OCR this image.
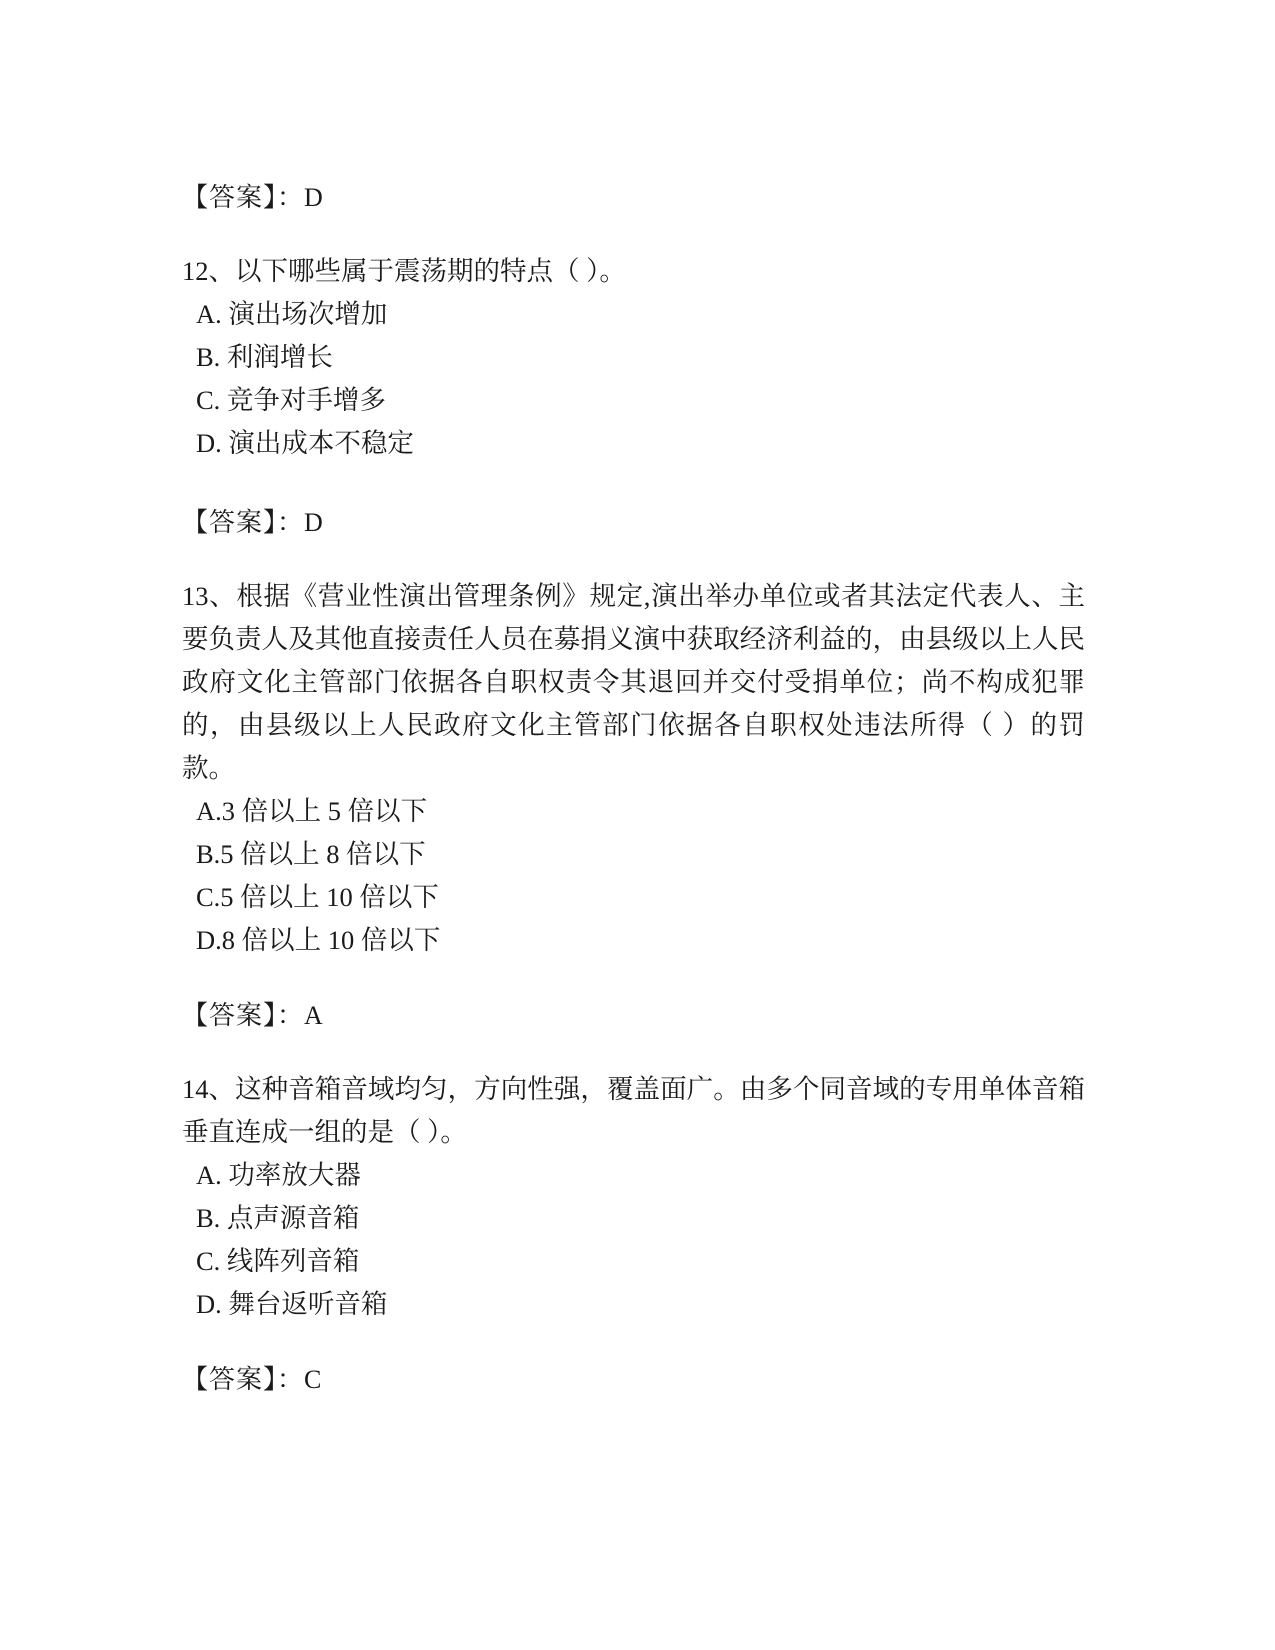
【答案】：D

12、以下哪些属于震荡期的特点（ ）。

A. 演出场次增加
B. 利润增长
C. 竞争对手增多
D. 演出成本不稳定
【答案】：D

13、根据《营业性演出管理条例》规定,演出举办单位或者其法定代表人、主要负责人及其他直接责任人员在募捐义演中获取经济利益的，由县级以上人民政府文化主管部门依据各自职权责令其退回并交付受捐单位；尚不构成犯罪的，由县级以上人民政府文化主管部门依据各自职权处违法所得（ ）的罚款。

A.3 倍以上 5 倍以下
B.5 倍以上 8 倍以下
C.5 倍以上 10 倍以下
D.8 倍以上 10 倍以下
【答案】：A

14、这种音箱音域均匀，方向性强，覆盖面广。由多个同音域的专用单体音箱垂直连成一组的是（ ）。

A. 功率放大器
B. 点声源音箱
C. 线阵列音箱
D. 舞台返听音箱
【答案】：C
